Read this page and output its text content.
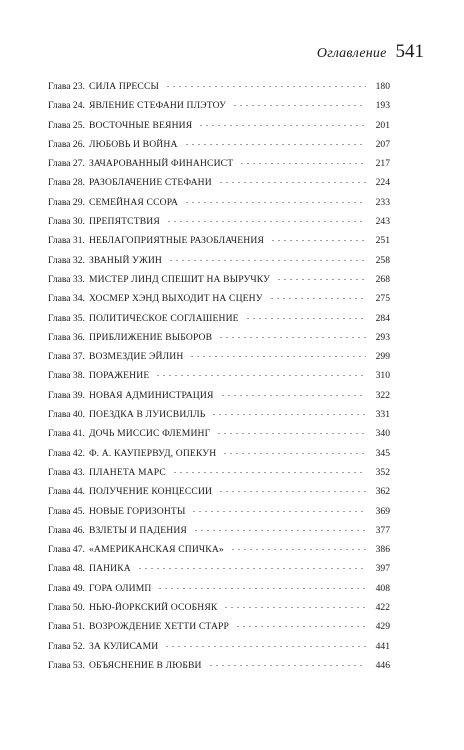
Оглавление 541
Глава 23. СИЛА ПРЕССЫ	180
Глава 24. ЯВЛЕНИЕ СТЕФАНИ ПЛЭТОУ	193
Глава 25. ВОСТОЧНЫЕ ВЕЯНИЯ	201
Глава 26. ЛЮБОВЬ И ВОЙНА	207
Глава 27. ЗАЧАРОВАННЫЙ ФИНАНСИСТ	217
Глава 28. РАЗОБЛАЧЕНИЕ СТЕФАНИ	224
Глава 29. СЕМЕЙНАЯ ССОРА	233
Глава 30. ПРЕПЯТСТВИЯ	243
Глава 31. НЕБЛАГОПРИЯТНЫЕ РАЗОБЛАЧЕНИЯ	251
Глава 32. ЗВАНЫЙ УЖИН	258
Глава 33. МИСТЕР ЛИНД СПЕШИТ НА ВЫРУЧКУ	268
Глава 34. ХОСМЕР ХЭНД ВЫХОДИТ НА СЦЕНУ	275
Глава 35. ПОЛИТИЧЕСКОЕ СОГЛАШЕНИЕ	284
Глава 36. ПРИБЛИЖЕНИЕ ВЫБОРОВ	293
Глава 37. ВОЗМЕЗДИЕ ЭЙЛИН	299
Глава 38. ПОРАЖЕНИЕ	310
Глава 39. НОВАЯ АДМИНИСТРАЦИЯ	322
Глава 40. ПОЕЗДКА В ЛУИСВИЛЛЬ	331
Глава 41. ДОЧЬ МИССИС ФЛЕМИНГ	340
Глава 42. Ф. А. КАУПЕРВУД, ОПЕКУН	345
Глава 43. ПЛАНЕТА МАРС	352
Глава 44. ПОЛУЧЕНИЕ КОНЦЕССИИ	362
Глава 45. НОВЫЕ ГОРИЗОНТЫ	369
Глава 46. ВЗЛЕТЫ И ПАДЕНИЯ	377
Глава 47. «АМЕРИКАНСКАЯ СПИЧКА»	386
Глава 48. ПАНИКА	397
Глава 49. ГОРА ОЛИМП	408
Глава 50. НЬЮ-ЙОРКСКИЙ ОСОБНЯК	422
Глава 51. ВОЗРОЖДЕНИЕ ХЕТТИ СТАРР	429
Глава 52. ЗА КУЛИСАМИ	441
Глава 53. ОБЪЯСНЕНИЕ В ЛЮБВИ	446
